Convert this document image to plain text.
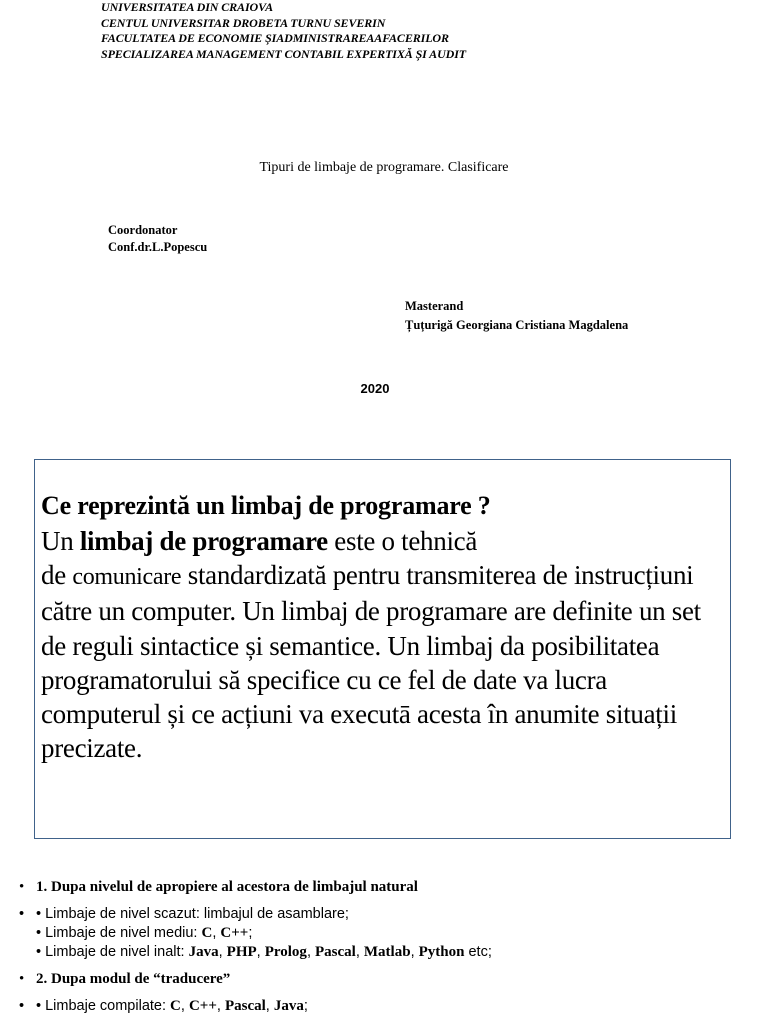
UNIVERSITATEA DIN CRAIOVA
CENTUL UNIVERSITAR DROBETA TURNU SEVERIN
FACULTATEA DE ECONOMIE ȘIADMINISTRAREAAFACERILOR
SPECIALIZAREA MANAGEMENT CONTABIL EXPERTIXĂ ȘI AUDIT
Tipuri de limbaje de programare. Clasificare
Coordonator
Conf.dr.L.Popescu
Masterand
Țuțurigă Georgiana Cristiana Magdalena
2020
Ce reprezintă un limbaj de programare ?

Un limbaj de programare este o tehnică
de comunicare standardizată pentru transmiterea de instrucțiuni către un computer. Un limbaj de programare are definite un set de reguli sintactice și semantice. Un limbaj da posibilitatea programatorului să specifice cu ce fel de date va lucra computerul și ce acțiuni va executā acesta în anumite situații precizate.

• 1. Dupa nivelul de apropiere al acestora de limbajul natural
• • Limbaje de nivel scazut: limbajul de asamblare;
• Limbaje de nivel mediu: C, C++;
• Limbaje de nivel inalt: Java, PHP, Prolog, Pascal, Matlab, Python etc;
• 2. Dupa modul de “traducere”
• • Limbaje compilate: C, C++, Pascal, Java;
